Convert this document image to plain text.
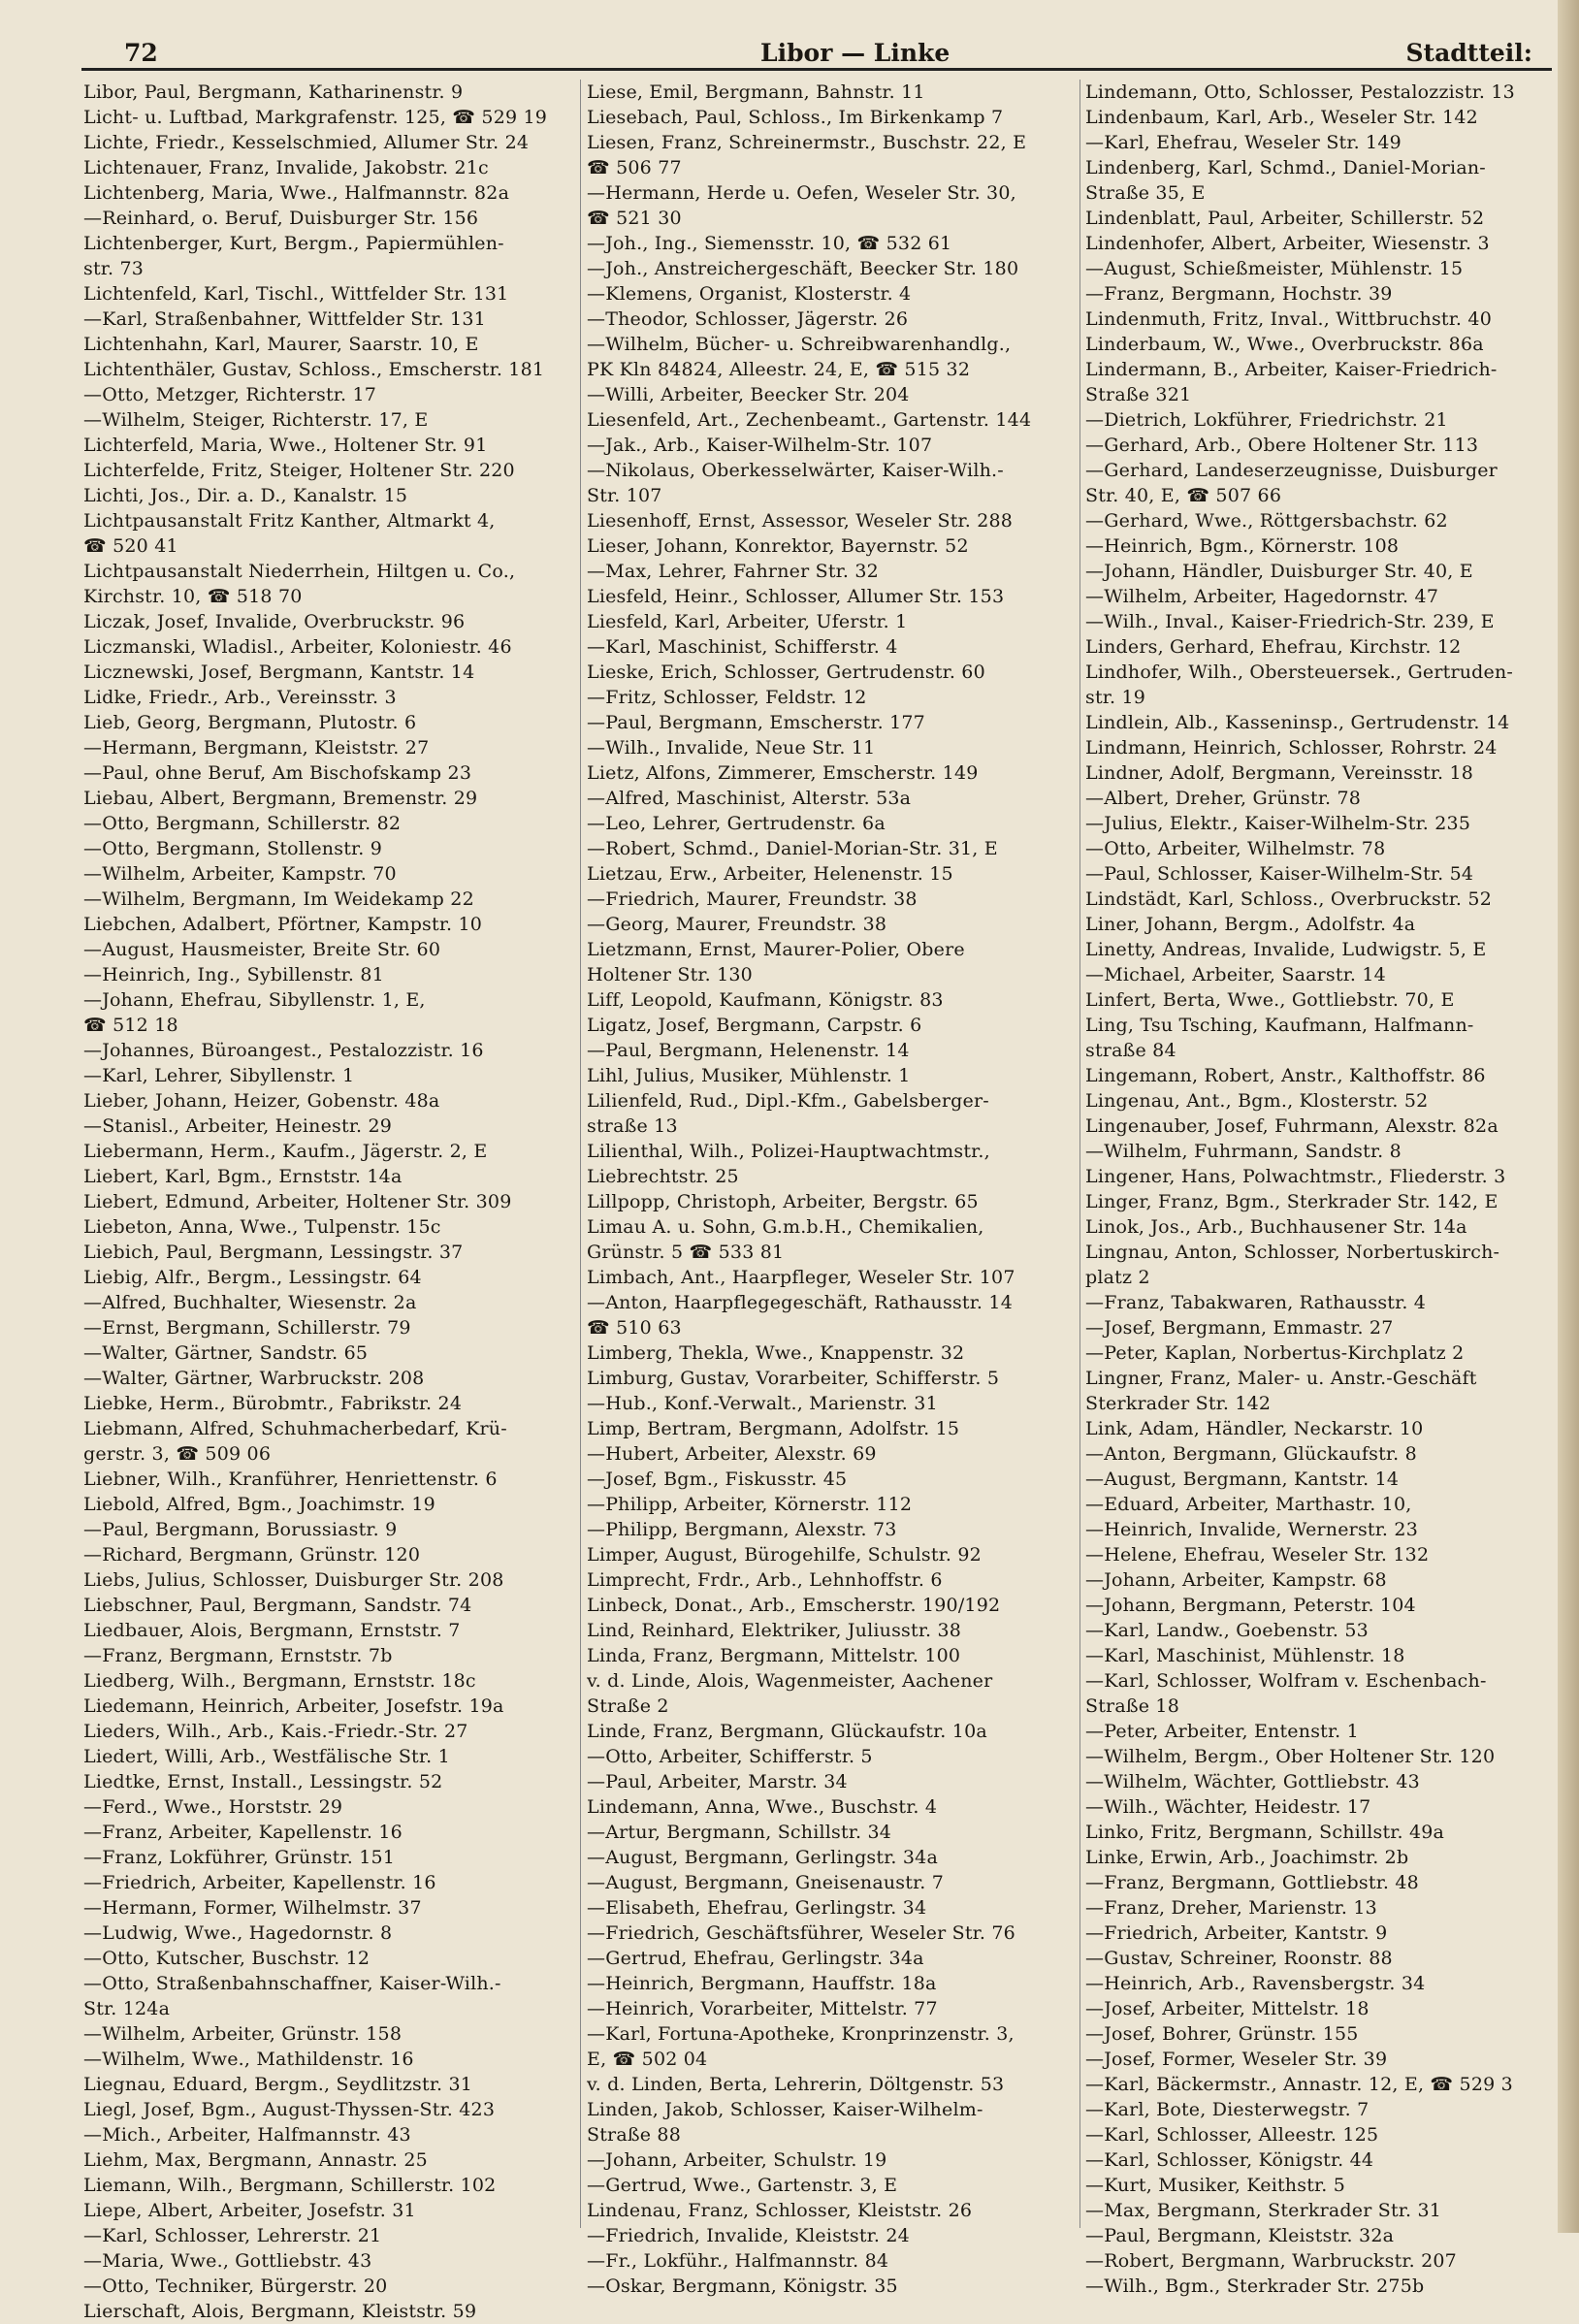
72	Libor — Linke	Stadtteil:
Libor, Paul, Bergmann, Katharinenstr. 9
Licht- u. Luftbad, Markgrafenstr. 125, ☎ 529 19
Lichte, Friedr., Kesselschmied, Allumer Str. 24
Lichtenauer, Franz, Invalide, Jakobstr. 21c
Lichtenberg, Maria, Wwe., Halfmannstr. 82a
—Reinhard, o. Beruf, Duisburger Str. 156
Lichtenberger, Kurt, Bergm., Papiermühlen-
str. 73
Lichtenfeld, Karl, Tischl., Wittfelder Str. 131
—Karl, Straßenbahner, Wittfelder Str. 131
Lichtenhahn, Karl, Maurer, Saarstr. 10, E
Lichtenthäler, Gustav, Schloss., Emscherstr. 181
—Otto, Metzger, Richterstr. 17
—Wilhelm, Steiger, Richterstr. 17, E
Lichterfeld, Maria, Wwe., Holtener Str. 91
Lichterfelde, Fritz, Steiger, Holtener Str. 220
Lichti, Jos., Dir. a. D., Kanalstr. 15
Lichtpausanstalt Fritz Kanther, Altmarkt 4,
☎ 520 41
Lichtpausanstalt Niederrhein, Hiltgen u. Co.,
Kirchstr. 10, ☎ 518 70
Liczak, Josef, Invalide, Overbruckstr. 96
Liczmanski, Wladisl., Arbeiter, Koloniestr. 46
Licznewski, Josef, Bergmann, Kantstr. 14
Lidke, Friedr., Arb., Vereinsstr. 3
Lieb, Georg, Bergmann, Plutostr. 6
—Hermann, Bergmann, Kleiststr. 27
—Paul, ohne Beruf, Am Bischofskamp 23
Liebau, Albert, Bergmann, Bremenstr. 29
—Otto, Bergmann, Schillerstr. 82
—Otto, Bergmann, Stollenstr. 9
—Wilhelm, Arbeiter, Kampstr. 70
—Wilhelm, Bergmann, Im Weidekamp 22
Liebchen, Adalbert, Pförtner, Kampstr. 10
—August, Hausmeister, Breite Str. 60
—Heinrich, Ing., Sybillenstr. 81
—Johann, Ehefrau, Sibyllenstr. 1, E,
☎ 512 18
—Johannes, Büroangest., Pestalozzistr. 16
—Karl, Lehrer, Sibyllenstr. 1
Lieber, Johann, Heizer, Gobenstr. 48a
—Stanisl., Arbeiter, Heinestr. 29
Liebermann, Herm., Kaufm., Jägerstr. 2, E
Liebert, Karl, Bgm., Ernststr. 14a
Liebert, Edmund, Arbeiter, Holtener Str. 309
Liebeton, Anna, Wwe., Tulpenstr. 15c
Liebich, Paul, Bergmann, Lessingstr. 37
Liebig, Alfr., Bergm., Lessingstr. 64
—Alfred, Buchhalter, Wiesenstr. 2a
—Ernst, Bergmann, Schillerstr. 79
—Walter, Gärtner, Sandstr. 65
—Walter, Gärtner, Warbruckstr. 208
Liebke, Herm., Bürobmtr., Fabrikstr. 24
Liebmann, Alfred, Schuhmacherbedarf, Krü-
gerstr. 3, ☎ 509 06
Liebner, Wilh., Kranführer, Henriettenstr. 6
Liebold, Alfred, Bgm., Joachimstr. 19
—Paul, Bergmann, Borussiastr. 9
—Richard, Bergmann, Grünstr. 120
Liebs, Julius, Schlosser, Duisburger Str. 208
Liebschner, Paul, Bergmann, Sandstr. 74
Liedbauer, Alois, Bergmann, Ernststr. 7
—Franz, Bergmann, Ernststr. 7b
Liedberg, Wilh., Bergmann, Ernststr. 18c
Liedemann, Heinrich, Arbeiter, Josefstr. 19a
Lieders, Wilh., Arb., Kais.-Friedr.-Str. 27
Liedert, Willi, Arb., Westfälische Str. 1
Liedtke, Ernst, Install., Lessingstr. 52
—Ferd., Wwe., Horststr. 29
—Franz, Arbeiter, Kapellenstr. 16
—Franz, Lokführer, Grünstr. 151
—Friedrich, Arbeiter, Kapellenstr. 16
—Hermann, Former, Wilhelmstr. 37
—Ludwig, Wwe., Hagedornstr. 8
—Otto, Kutscher, Buschstr. 12
—Otto, Straßenbahnschaffner, Kaiser-Wilh.-
Str. 124a
—Wilhelm, Arbeiter, Grünstr. 158
—Wilhelm, Wwe., Mathildenstr. 16
Liegnau, Eduard, Bergm., Seydlitzstr. 31
Liegl, Josef, Bgm., August-Thyssen-Str. 423
—Mich., Arbeiter, Halfmannstr. 43
Liehm, Max, Bergmann, Annastr. 25
Liemann, Wilh., Bergmann, Schillerstr. 102
Liepe, Albert, Arbeiter, Josefstr. 31
—Karl, Schlosser, Lehrerstr. 21
—Maria, Wwe., Gottliebstr. 43
—Otto, Techniker, Bürgerstr. 20
Lierschaft, Alois, Bergmann, Kleiststr. 59
Liese, Emil, Bergmann, Bahnstr. 11
Liesebach, Paul, Schloss., Im Birkenkamp 7
Liesen, Franz, Schreinermstr., Buschstr. 22, E
☎ 506 77
—Hermann, Herde u. Oefen, Weseler Str. 30,
☎ 521 30
—Joh., Ing., Siemensstr. 10, ☎ 532 61
—Joh., Anstreichergeschäft, Beecker Str. 180
—Klemens, Organist, Klosterstr. 4
—Theodor, Schlosser, Jägerstr. 26
—Wilhelm, Bücher- u. Schreibwarenhandlg.,
PK Kln 84824, Alleestr. 24, E, ☎ 515 32
—Willi, Arbeiter, Beecker Str. 204
Liesenfeld, Art., Zechenbeamt., Gartenstr. 144
—Jak., Arb., Kaiser-Wilhelm-Str. 107
—Nikolaus, Oberkesselwärter, Kaiser-Wilh.-
Str. 107
Liesenhoff, Ernst, Assessor, Weseler Str. 288
Lieser, Johann, Konrektor, Bayernstr. 52
—Max, Lehrer, Fahrner Str. 32
Liesfeld, Heinr., Schlosser, Allumer Str. 153
Liesfeld, Karl, Arbeiter, Uferstr. 1
—Karl, Maschinist, Schifferstr. 4
Lieske, Erich, Schlosser, Gertrudenstr. 60
—Fritz, Schlosser, Feldstr. 12
—Paul, Bergmann, Emscherstr. 177
—Wilh., Invalide, Neue Str. 11
Lietz, Alfons, Zimmerer, Emscherstr. 149
—Alfred, Maschinist, Alterstr. 53a
—Leo, Lehrer, Gertrudenstr. 6a
—Robert, Schmd., Daniel-Morian-Str. 31, E
Lietzau, Erw., Arbeiter, Helenenstr. 15
—Friedrich, Maurer, Freundstr. 38
—Georg, Maurer, Freundstr. 38
Lietzmann, Ernst, Maurer-Polier, Obere
Holtener Str. 130
Liff, Leopold, Kaufmann, Königstr. 83
Ligatz, Josef, Bergmann, Carpstr. 6
—Paul, Bergmann, Helenenstr. 14
Lihl, Julius, Musiker, Mühlenstr. 1
Lilienfeld, Rud., Dipl.-Kfm., Gabelsberger-
straße 13
Lilienthal, Wilh., Polizei-Hauptwachtmstr.,
Liebrechtstr. 25
Lillpopp, Christoph, Arbeiter, Bergstr. 65
Limau A. u. Sohn, G.m.b.H., Chemikalien,
Grünstr. 5 ☎ 533 81
Limbach, Ant., Haarpfleger, Weseler Str. 107
—Anton, Haarpflegegeschäft, Rathausstr. 14
☎ 510 63
Limberg, Thekla, Wwe., Knappenstr. 32
Limburg, Gustav, Vorarbeiter, Schifferstr. 5
—Hub., Konf.-Verwalt., Marienstr. 31
Limp, Bertram, Bergmann, Adolfstr. 15
—Hubert, Arbeiter, Alexstr. 69
—Josef, Bgm., Fiskusstr. 45
—Philipp, Arbeiter, Körnerstr. 112
—Philipp, Bergmann, Alexstr. 73
Limper, August, Bürogehilfe, Schulstr. 92
Limprecht, Frdr., Arb., Lehnhoffstr. 6
Linbeck, Donat., Arb., Emscherstr. 190/192
Lind, Reinhard, Elektriker, Juliusstr. 38
Linda, Franz, Bergmann, Mittelstr. 100
v. d. Linde, Alois, Wagenmeister, Aachener
Straße 2
Linde, Franz, Bergmann, Glückaufstr. 10a
—Otto, Arbeiter, Schifferstr. 5
—Paul, Arbeiter, Marstr. 34
Lindemann, Anna, Wwe., Buschstr. 4
—Artur, Bergmann, Schillstr. 34
—August, Bergmann, Gerlingstr. 34a
—August, Bergmann, Gneisenaustr. 7
—Elisabeth, Ehefrau, Gerlingstr. 34
—Friedrich, Geschäftsführer, Weseler Str. 76
—Gertrud, Ehefrau, Gerlingstr. 34a
—Heinrich, Bergmann, Hauffstr. 18a
—Heinrich, Vorarbeiter, Mittelstr. 77
—Karl, Fortuna-Apotheke, Kronprinzenstr. 3,
E, ☎ 502 04
v. d. Linden, Berta, Lehrerin, Döltgenstr. 53
Linden, Jakob, Schlosser, Kaiser-Wilhelm-
Straße 88
—Johann, Arbeiter, Schulstr. 19
—Gertrud, Wwe., Gartenstr. 3, E
Lindenau, Franz, Schlosser, Kleiststr. 26
—Friedrich, Invalide, Kleiststr. 24
—Fr., Lokführ., Halfmannstr. 84
—Oskar, Bergmann, Königstr. 35
Lindemann, Otto, Schlosser, Pestalozzistr. 13
Lindenbaum, Karl, Arb., Weseler Str. 142
—Karl, Ehefrau, Weseler Str. 149
Lindenberg, Karl, Schmd., Daniel-Morian-
Straße 35, E
Lindenblatt, Paul, Arbeiter, Schillerstr. 52
Lindenhofer, Albert, Arbeiter, Wiesenstr. 3
—August, Schießmeister, Mühlenstr. 15
—Franz, Bergmann, Hochstr. 39
Lindenmuth, Fritz, Inval., Wittbruchstr. 40
Linderbaum, W., Wwe., Overbruckstr. 86a
Lindermann, B., Arbeiter, Kaiser-Friedrich-
Straße 321
—Dietrich, Lokführer, Friedrichstr. 21
—Gerhard, Arb., Obere Holtener Str. 113
—Gerhard, Landeserzeugnisse, Duisburger
Str. 40, E, ☎ 507 66
—Gerhard, Wwe., Röttgersbachstr. 62
—Heinrich, Bgm., Körnerstr. 108
—Johann, Händler, Duisburger Str. 40, E
—Wilhelm, Arbeiter, Hagedornstr. 47
—Wilh., Inval., Kaiser-Friedrich-Str. 239, E
Linders, Gerhard, Ehefrau, Kirchstr. 12
Lindhofer, Wilh., Obersteuersek., Gertruden-
str. 19
Lindlein, Alb., Kasseninsp., Gertrudenstr. 14
Lindmann, Heinrich, Schlosser, Rohrstr. 24
Lindner, Adolf, Bergmann, Vereinsstr. 18
—Albert, Dreher, Grünstr. 78
—Julius, Elektr., Kaiser-Wilhelm-Str. 235
—Otto, Arbeiter, Wilhelmstr. 78
—Paul, Schlosser, Kaiser-Wilhelm-Str. 54
Lindstädt, Karl, Schloss., Overbruckstr. 52
Liner, Johann, Bergm., Adolfstr. 4a
Linetty, Andreas, Invalide, Ludwigstr. 5, E
—Michael, Arbeiter, Saarstr. 14
Linfert, Berta, Wwe., Gottliebstr. 70, E
Ling, Tsu Tsching, Kaufmann, Halfmann-
straße 84
Lingemann, Robert, Anstr., Kalthoffstr. 86
Lingenau, Ant., Bgm., Klosterstr. 52
Lingenauber, Josef, Fuhrmann, Alexstr. 82a
—Wilhelm, Fuhrmann, Sandstr. 8
Lingener, Hans, Polwachtmstr., Fliederstr. 3
Linger, Franz, Bgm., Sterkrader Str. 142, E
Linok, Jos., Arb., Buchhausener Str. 14a
Lingnau, Anton, Schlosser, Norbertuskirch-
platz 2
—Franz, Tabakwaren, Rathausstr. 4
—Josef, Bergmann, Emmastr. 27
—Peter, Kaplan, Norbertus-Kirchplatz 2
Lingner, Franz, Maler- u. Anstr.-Geschäft
Sterkrader Str. 142
Link, Adam, Händler, Neckarstr. 10
—Anton, Bergmann, Glückaufstr. 8
—August, Bergmann, Kantstr. 14
—Eduard, Arbeiter, Marthastr. 10,
—Heinrich, Invalide, Wernerstr. 23
—Helene, Ehefrau, Weseler Str. 132
—Johann, Arbeiter, Kampstr. 68
—Johann, Bergmann, Peterstr. 104
—Karl, Landw., Goebenstr. 53
—Karl, Maschinist, Mühlenstr. 18
—Karl, Schlosser, Wolfram v. Eschenbach-
Straße 18
—Peter, Arbeiter, Entenstr. 1
—Wilhelm, Bergm., Ober Holtener Str. 120
—Wilhelm, Wächter, Gottliebstr. 43
—Wilh., Wächter, Heidestr. 17
Linko, Fritz, Bergmann, Schillstr. 49a
Linke, Erwin, Arb., Joachimstr. 2b
—Franz, Bergmann, Gottliebstr. 48
—Franz, Dreher, Marienstr. 13
—Friedrich, Arbeiter, Kantstr. 9
—Gustav, Schreiner, Roonstr. 88
—Heinrich, Arb., Ravensbergstr. 34
—Josef, Arbeiter, Mittelstr. 18
—Josef, Bohrer, Grünstr. 155
—Josef, Former, Weseler Str. 39
—Karl, Bäckermstr., Annastr. 12, E, ☎ 529 3
—Karl, Bote, Diesterwegstr. 7
—Karl, Schlosser, Alleestr. 125
—Karl, Schlosser, Königstr. 44
—Kurt, Musiker, Keithstr. 5
—Max, Bergmann, Sterkrader Str. 31
—Paul, Bergmann, Kleiststr. 32a
—Robert, Bergmann, Warbruckstr. 207
—Wilh., Bgm., Sterkrader Str. 275b
